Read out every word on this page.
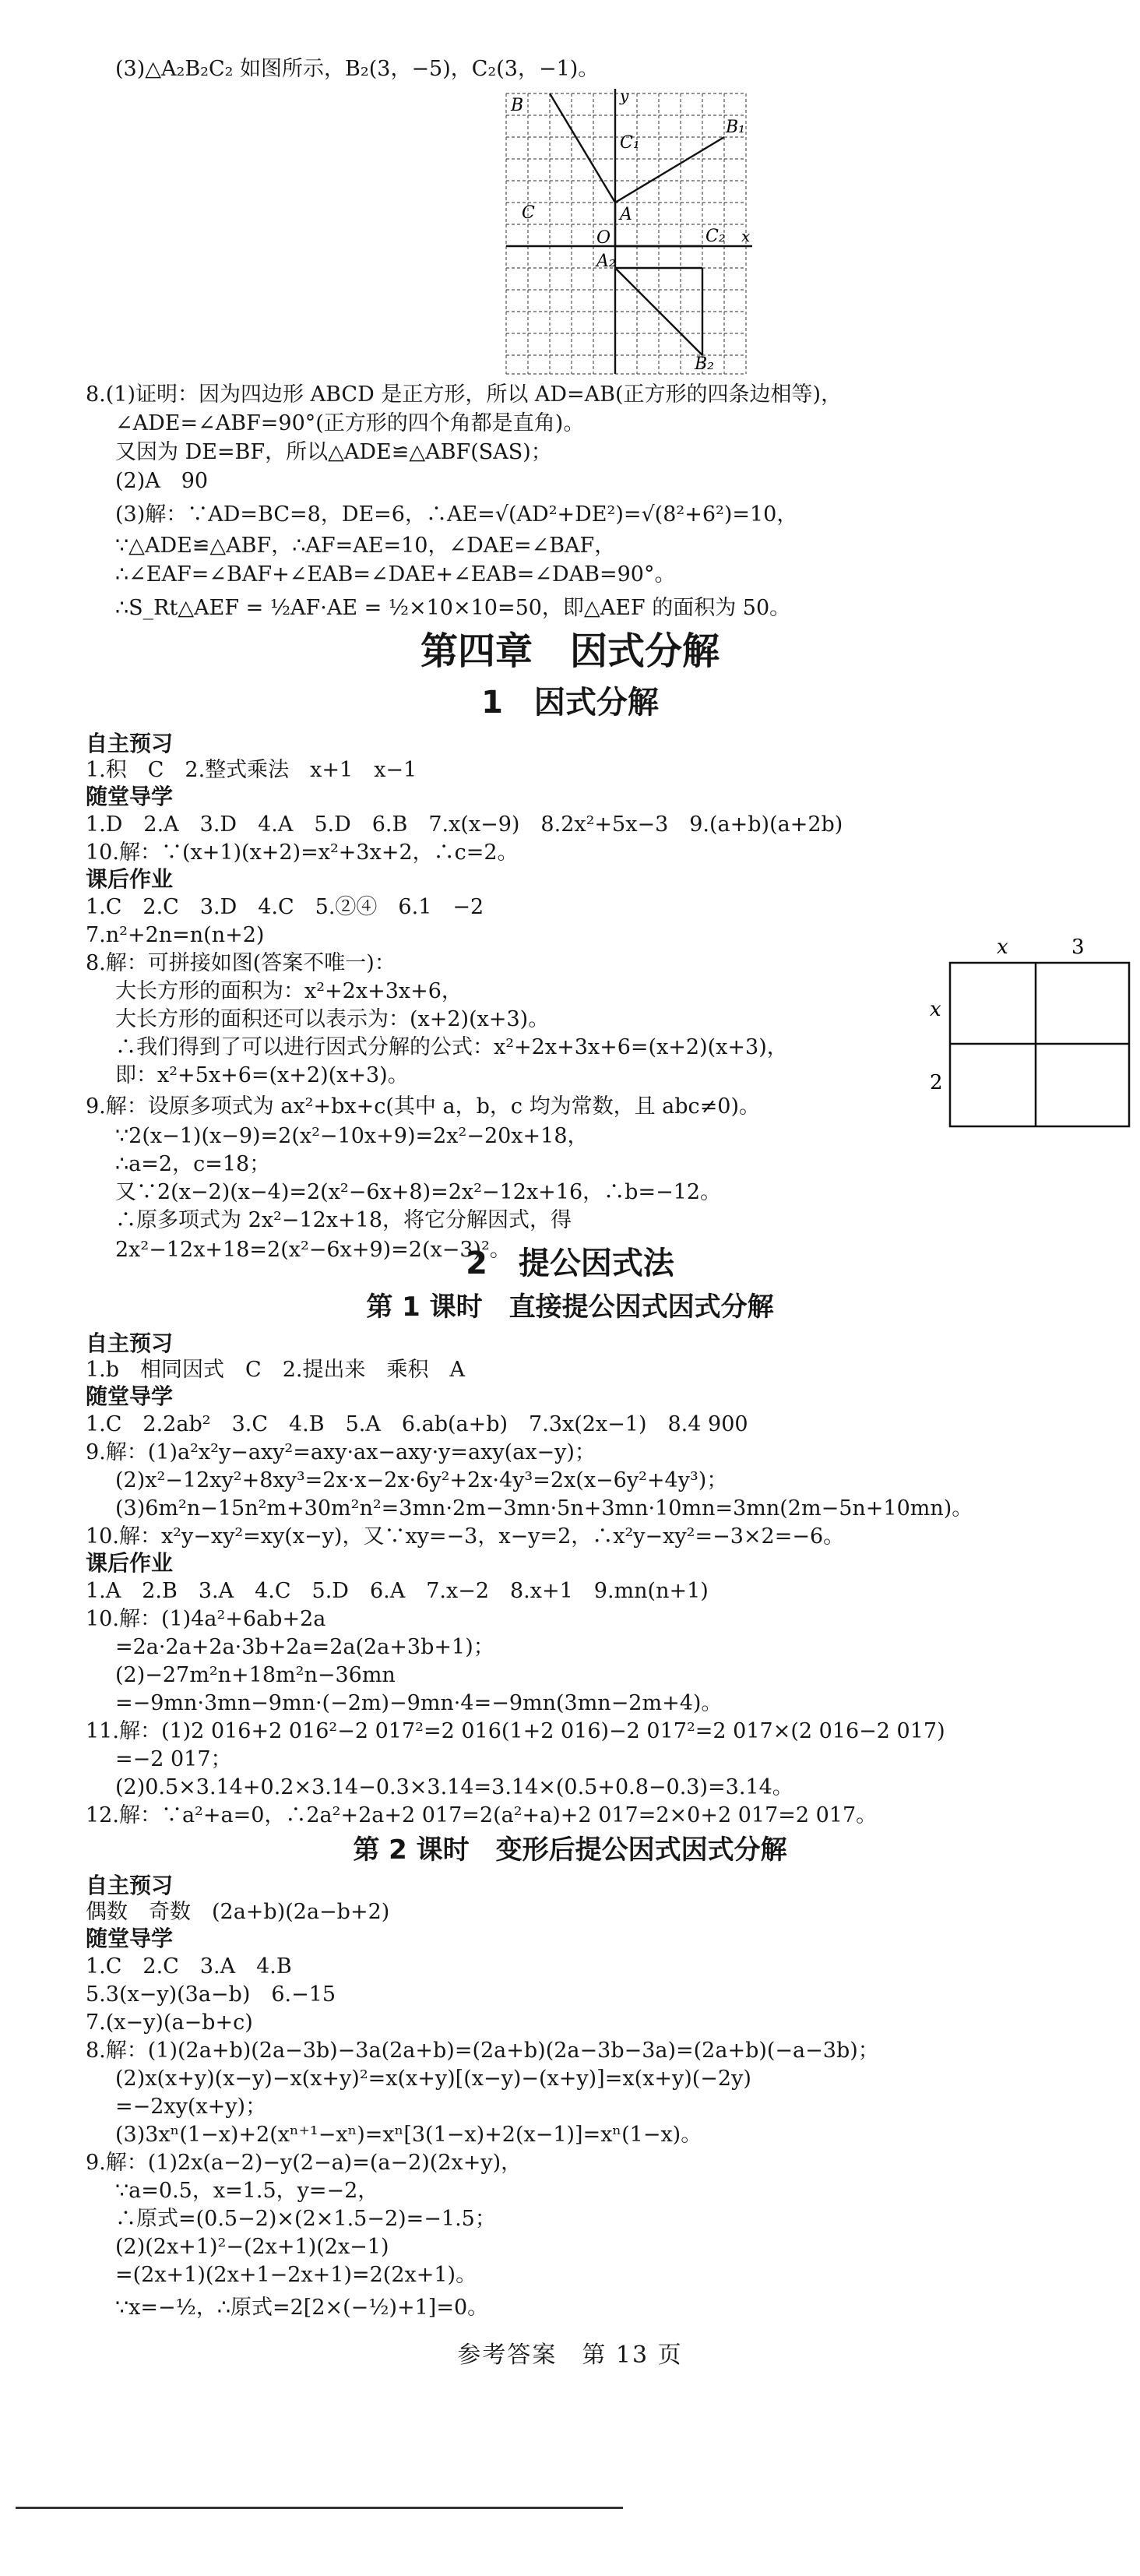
(3)△A₂B₂C₂ 如图所示，B₂(3，−5)，C₂(3，−1)。
B	y
C₁
B₁
C	A
O
A₂
C₂ x
B₂
8.(1)证明：因为四边形 ABCD 是正方形，所以 AD=AB(正方形的四条边相等)，
∠ADE=∠ABF=90°(正方形的四个角都是直角)。
又因为 DE=BF，所以△ADE≌△ABF(SAS)；
(2)A　90
(3)解：∵AD=BC=8，DE=6，∴AE=√(AD²+DE²)=√(8²+6²)=10，
∵△ADE≌△ABF，∴AF=AE=10，∠DAE=∠BAF，
∴∠EAF=∠BAF+∠EAB=∠DAE+∠EAB=∠DAB=90°。
∴S_Rt△AEF = ½AF·AE = ½×10×10=50，即△AEF 的面积为 50。
第四章　因式分解
1　因式分解
自主预习
1.积　C　2.整式乘法　x+1　x−1
随堂导学
1.D　2.A　3.D　4.A　5.D　6.B　7.x(x−9)　8.2x²+5x−3　9.(a+b)(a+2b)
10.解：∵(x+1)(x+2)=x²+3x+2，∴c=2。
课后作业
1.C　2.C　3.D　4.C　5.②④　6.1　−2
7.n²+2n=n(n+2)
8.解：可拼接如图(答案不唯一)：
大长方形的面积为：x²+2x+3x+6，
大长方形的面积还可以表示为：(x+2)(x+3)。
∴我们得到了可以进行因式分解的公式：x²+2x+3x+6=(x+2)(x+3)，
即：x²+5x+6=(x+2)(x+3)。
9.解：设原多项式为 ax²+bx+c(其中 a，b，c 均为常数，且 abc≠0)。
∵2(x−1)(x−9)=2(x²−10x+9)=2x²−20x+18，
∴a=2，c=18；
又∵2(x−2)(x−4)=2(x²−6x+8)=2x²−12x+16，∴b=−12。
∴原多项式为 2x²−12x+18，将它分解因式，得
2x²−12x+18=2(x²−6x+9)=2(x−3)²。
x	3
x
2
2　提公因式法
第 1 课时　直接提公因式因式分解
自主预习
1.b　相同因式　C　2.提出来　乘积　A
随堂导学
1.C　2.2ab²　3.C　4.B　5.A　6.ab(a+b)　7.3x(2x−1)　8.4 900
9.解：(1)a²x²y−axy²=axy·ax−axy·y=axy(ax−y)；
(2)x²−12xy²+8xy³=2x·x−2x·6y²+2x·4y³=2x(x−6y²+4y³)；
(3)6m²n−15n²m+30m²n²=3mn·2m−3mn·5n+3mn·10mn=3mn(2m−5n+10mn)。
10.解：x²y−xy²=xy(x−y)，又∵xy=−3，x−y=2，∴x²y−xy²=−3×2=−6。
课后作业
1.A　2.B　3.A　4.C　5.D　6.A　7.x−2　8.x+1　9.mn(n+1)
10.解：(1)4a²+6ab+2a
=2a·2a+2a·3b+2a=2a(2a+3b+1)；
(2)−27m²n+18m²n−36mn
=−9mn·3mn−9mn·(−2m)−9mn·4=−9mn(3mn−2m+4)。
11.解：(1)2 016+2 016²−2 017²=2 016(1+2 016)−2 017²=2 017×(2 016−2 017)
=−2 017；
(2)0.5×3.14+0.2×3.14−0.3×3.14=3.14×(0.5+0.8−0.3)=3.14。
12.解：∵a²+a=0，∴2a²+2a+2 017=2(a²+a)+2 017=2×0+2 017=2 017。
第 2 课时　变形后提公因式因式分解
自主预习
偶数　奇数　(2a+b)(2a−b+2)
随堂导学
1.C　2.C　3.A　4.B
5.3(x−y)(3a−b)　6.−15
7.(x−y)(a−b+c)
8.解：(1)(2a+b)(2a−3b)−3a(2a+b)=(2a+b)(2a−3b−3a)=(2a+b)(−a−3b)；
(2)x(x+y)(x−y)−x(x+y)²=x(x+y)[(x−y)−(x+y)]=x(x+y)(−2y)
=−2xy(x+y)；
(3)3xⁿ(1−x)+2(xⁿ⁺¹−xⁿ)=xⁿ[3(1−x)+2(x−1)]=xⁿ(1−x)。
9.解：(1)2x(a−2)−y(2−a)=(a−2)(2x+y)，
∵a=0.5，x=1.5，y=−2，
∴原式=(0.5−2)×(2×1.5−2)=−1.5；
(2)(2x+1)²−(2x+1)(2x−1)
=(2x+1)(2x+1−2x+1)=2(2x+1)。
∵x=−½，∴原式=2[2×(−½)+1]=0。
参考答案　第 13 页
